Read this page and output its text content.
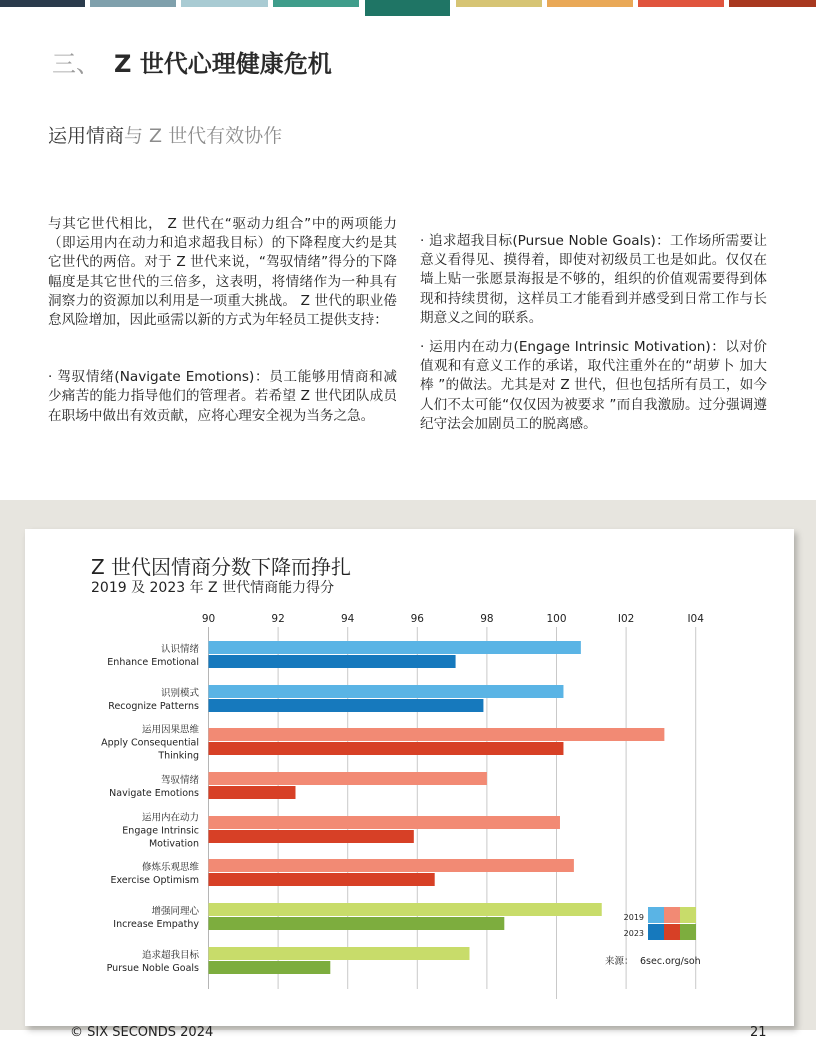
三、 Z 世代心理健康危机
运用情商与 Z 世代有效协作

与其它世代相比， Z 世代在“驱动力组合”中的两项能力（即运用内在动力和追求超我目标）的下降程度大约是其它世代的两倍。对于 Z 世代来说，“驾驭情绪”得分的下降幅度是其它世代的三倍多，这表明，将情绪作为一种具有洞察力的资源加以利用是一项重大挑战。 Z 世代的职业倦怠风险增加，因此亟需以新的方式为年轻员工提供支持：

· 驾驭情绪(Navigate Emotions)：员工能够用情商和减少痛苦的能力指导他们的管理者。若希望 Z 世代团队成员在职场中做出有效贡献，应将心理安全视为当务之急。

· 追求超我目标(Pursue Noble Goals)：工作场所需要让意义看得见、摸得着，即使对初级员工也是如此。仅仅在墙上贴一张愿景海报是不够的，组织的价值观需要得到体现和持续贯彻，这样员工才能看到并感受到日常工作与长期意义之间的联系。

· 运用内在动力(Engage Intrinsic Motivation)：以对价值观和有意义工作的承诺，取代注重外在的“胡萝卜 加大棒 ”的做法。尤其是对 Z 世代，但也包括所有员工，如今人们不太可能“仅仅因为被要求 ”而自我激励。过分强调遵纪守法会加剧员工的脱离感。

Z 世代因情商分数下降而挣扎
2019 及 2023 年 Z 世代情商能力得分
90	92	94	96	98	100	I02	I04
认识情绪
Enhance Emotional
识别模式
Recognize Patterns
运用因果思维
Apply Consequential
Thinking
驾驭情绪
Navigate Emotions
运用内在动力
Engage Intrinsic
Motivation
修炼乐观思维
Exercise Optimism
增强同理心
Increase Empathy
追求超我目标
Pursue Noble Goals
2019
2023
来源： 6sec.org/soh
© SIX SECONDS 2024	21
